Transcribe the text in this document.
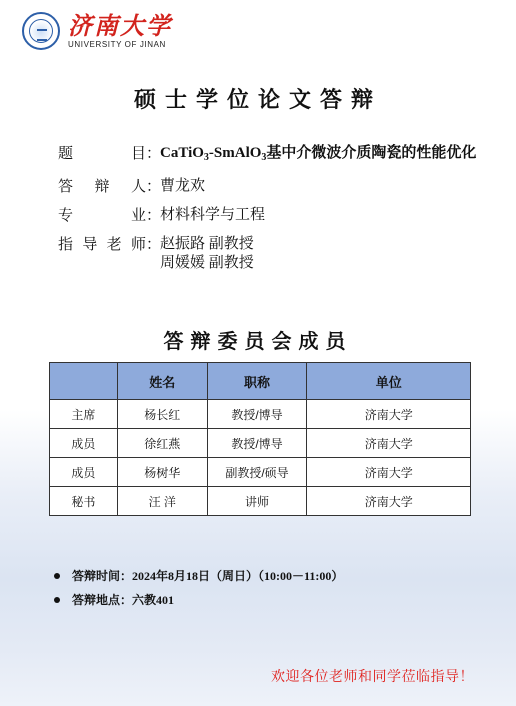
济南大学
UNIVERSITY OF JINAN
硕士学位论文答辩
题	目 ：
CaTiO$_3$-SmAlO$_3$基中介微波介质陶瓷的性能优化
答 辩 人 ：
曹龙欢
专	业 ：
材料科学与工程
指 导 老 师 ：
赵振路 副教授
周媛媛 副教授
答辩委员会成员
	姓名	职称	单位
主席	杨长红	教授/博导	济南大学
成员	徐红燕	教授/博导	济南大学
成员	杨树华	副教授/硕导	济南大学
秘书	汪 洋	讲师	济南大学
答辩时间：2024年8月18日（周日）（10:00－11:00）
答辩地点：六教401
欢迎各位老师和同学莅临指导！
